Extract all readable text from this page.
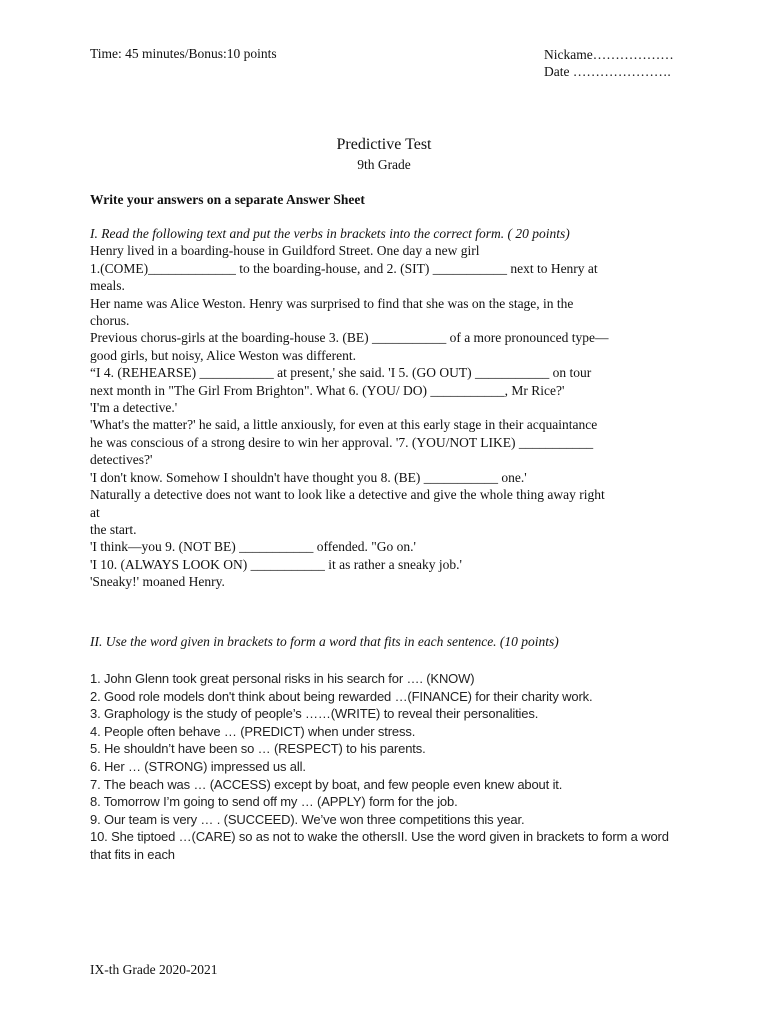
Time: 45 minutes/Bonus:10 points	Nickame………………
Date ………………….
Predictive Test
9th Grade
Write your answers on a separate Answer Sheet

I. Read the following text and put the verbs in brackets into the correct form. ( 20 points)

Henry lived in a boarding-house in Guildford Street. One day a new girl

1.(COME)_____________ to the boarding-house, and 2. (SIT) ___________ next to Henry at

meals.

Her name was Alice Weston. Henry was surprised to find that she was on the stage, in the

chorus.

Previous chorus-girls at the boarding-house 3. (BE) ___________ of a more pronounced type—

good girls, but noisy, Alice Weston was different.

“I 4. (REHEARSE) ___________ at present,' she said. 'I 5. (GO OUT) ___________ on tour

next month in "The Girl From Brighton". What 6. (YOU/ DO) ___________, Mr Rice?'

'I'm a detective.'

'What's the matter?' he said, a little anxiously, for even at this early stage in their acquaintance

he was conscious of a strong desire to win her approval. '7. (YOU/NOT LIKE) ___________

detectives?'

'I don't know. Somehow I shouldn't have thought you 8. (BE) ___________ one.'

Naturally a detective does not want to look like a detective and give the whole thing away right

at

the start.

'I think—you 9. (NOT BE) ___________ offended. "Go on.'

'I 10. (ALWAYS LOOK ON) ___________ it as rather a sneaky job.'

'Sneaky!' moaned Henry.

II. Use the word given in brackets to form a word that fits in each sentence. (10 points)
1. John Glenn took great personal risks in his search for …. (KNOW)
2. Good role models don't think about being rewarded …(FINANCE) for their charity work.
3. Graphology is the study of people’s ……(WRITE) to reveal their personalities.
4. People often behave … (PREDICT) when under stress.
5. He shouldn’t have been so … (RESPECT) to his parents.
6. Her … (STRONG) impressed us all.
7. The beach was … (ACCESS) except by boat, and few people even knew about it.
8. Tomorrow I’m going to send off my … (APPLY) form for the job.
9. Our team is very … . (SUCCEED). We’ve won three competitions this year.
10. She tiptoed …(CARE) so as not to wake the othersII. Use the word given in brackets to form a word that fits in each
IX-th Grade 2020-2021
